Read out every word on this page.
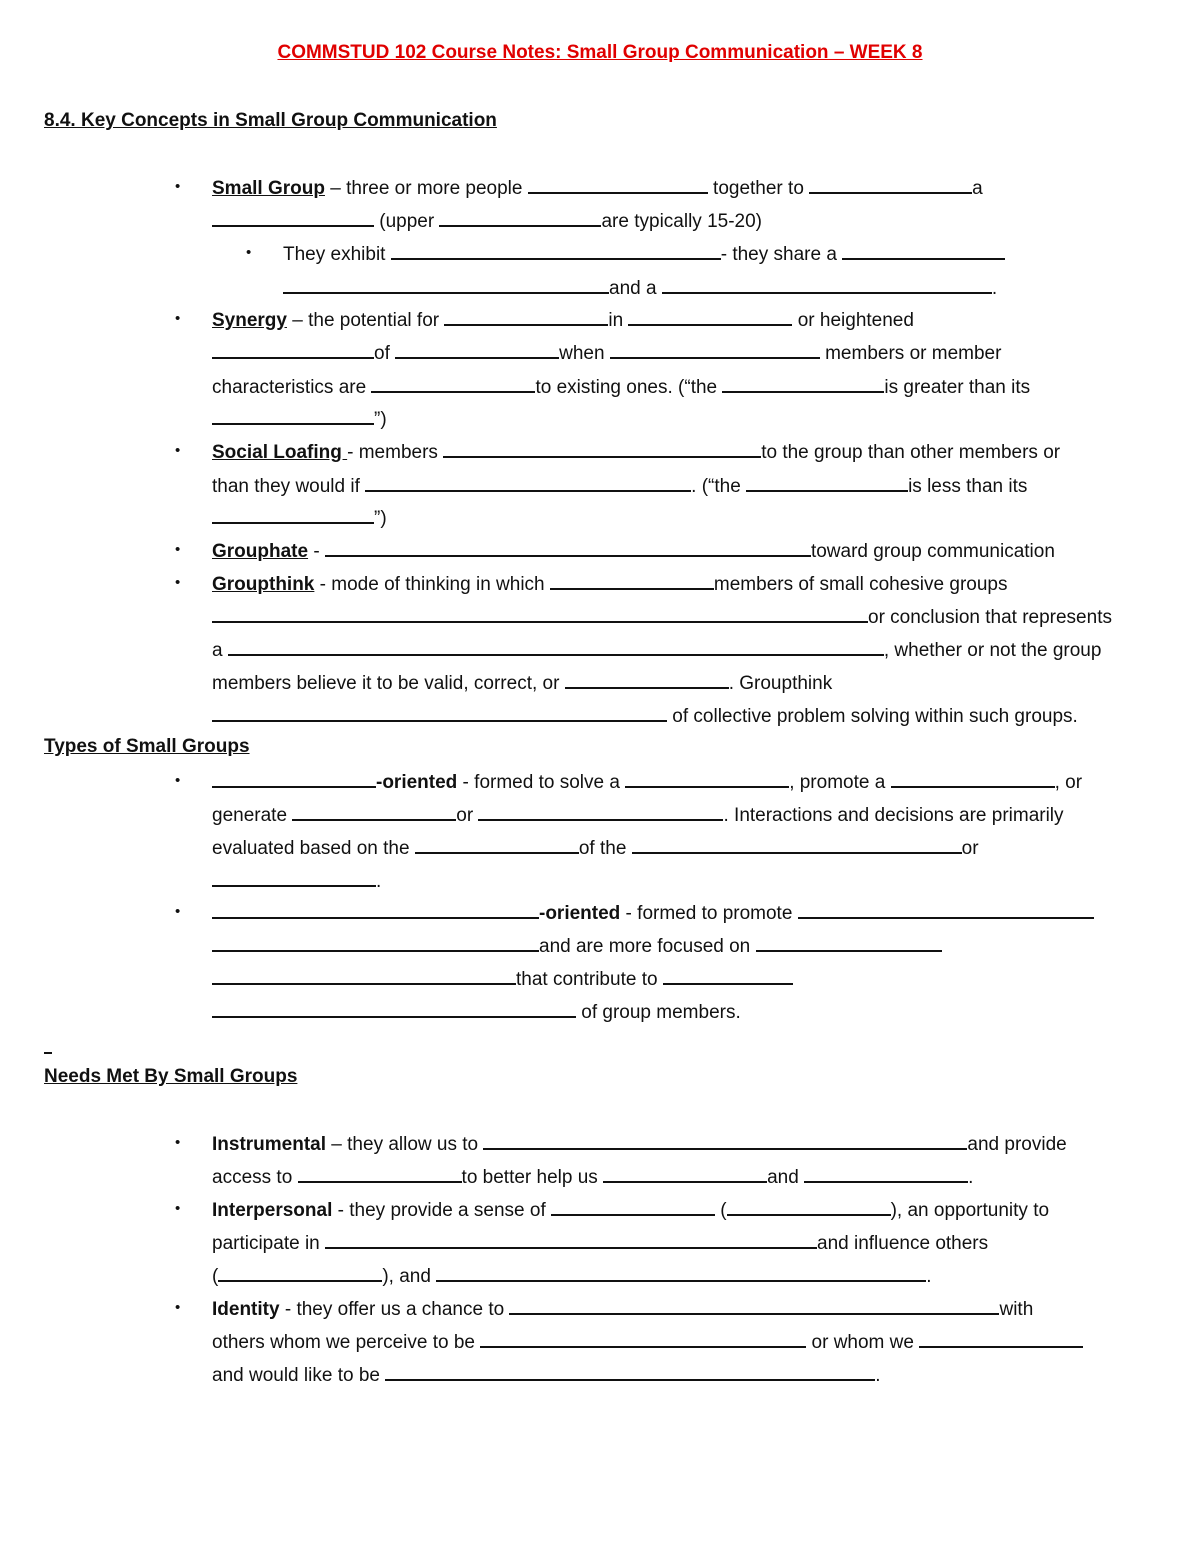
COMMSTUD 102 Course Notes: Small Group Communication – WEEK 8
8.4. Key Concepts in Small Group Communication
• Small Group – three or more people	together to	a
(upper	are typically 15-20)
• They exhibit	- they share a
and a	.
• Synergy – the potential for	in	or heightened
of	when	members or member
characteristics are	to existing ones. (“the	is greater than its
”)
• Social Loafing - members	to the group than other members or
than they would if	. (“the	is less than its
”)
• Grouphate -	toward group communication
• Groupthink - mode of thinking in which	members of small cohesive groups
or conclusion that represents
a	, whether or not the group
members believe it to be valid, correct, or	. Groupthink
of collective problem solving within such groups.
Types of Small Groups
•	-oriented - formed to solve a	, promote a	, or
generate	or	. Interactions and decisions are primarily
evaluated based on the	of the	or
.
•	-oriented - formed to promote
and are more focused on
that contribute to
of group members.
Needs Met By Small Groups
• Instrumental – they allow us to	and provide
access to	to better help us	and	.
• Interpersonal - they provide a sense of	(	), an opportunity to
participate in	and influence others
(	), and	.
• Identity - they offer us a chance to	with
others whom we perceive to be	or whom we
and would like to be	.
